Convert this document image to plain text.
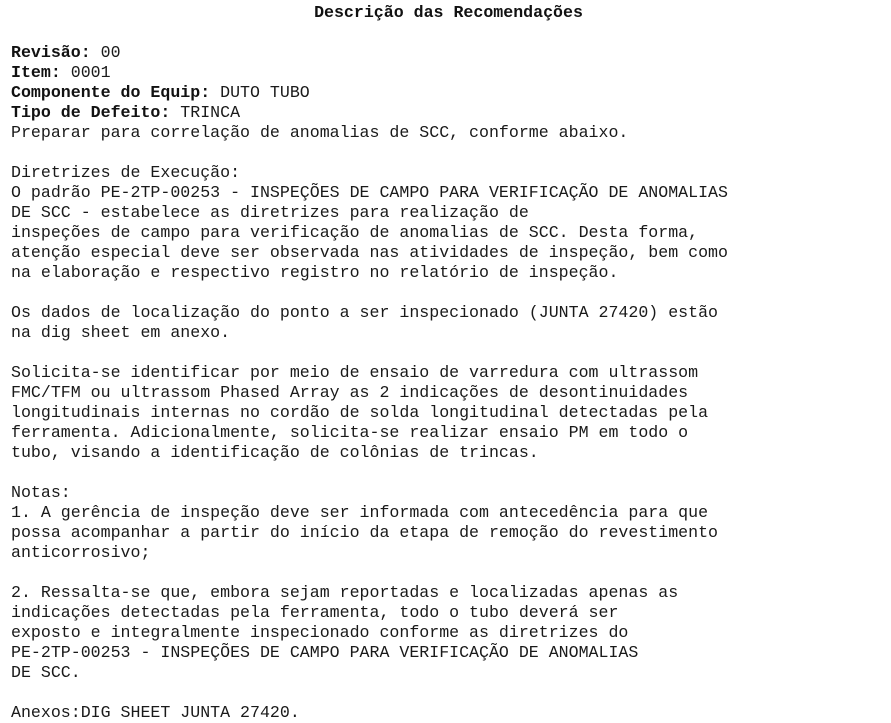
Descrição das Recomendações
Revisão: 00
Item: 0001
Componente do Equip: DUTO TUBO
Tipo de Defeito: TRINCA
Preparar para correlação de anomalias de SCC, conforme abaixo.
Diretrizes de Execução:
O padrão PE-2TP-00253 - INSPEÇÕES DE CAMPO PARA VERIFICAÇÃO DE ANOMALIAS
DE SCC - estabelece as diretrizes para realização de
inspeções de campo para verificação de anomalias de SCC. Desta forma,
atenção especial deve ser observada nas atividades de inspeção, bem como
na elaboração e respectivo registro no relatório de inspeção.
Os dados de localização do ponto a ser inspecionado (JUNTA 27420) estão
na dig sheet em anexo.
Solicita-se identificar por meio de ensaio de varredura com ultrassom
FMC/TFM ou ultrassom Phased Array as 2 indicações de desontinuidades
longitudinais internas no cordão de solda longitudinal detectadas pela
ferramenta. Adicionalmente, solicita-se realizar ensaio PM em todo o
tubo, visando a identificação de colônias de trincas.
Notas:
1. A gerência de inspeção deve ser informada com antecedência para que
possa acompanhar a partir do início da etapa de remoção do revestimento
anticorrosivo;
2. Ressalta-se que, embora sejam reportadas e localizadas apenas as
indicações detectadas pela ferramenta, todo o tubo deverá ser
exposto e integralmente inspecionado conforme as diretrizes do
PE-2TP-00253 - INSPEÇÕES DE CAMPO PARA VERIFICAÇÃO DE ANOMALIAS
DE SCC.
Anexos:DIG SHEET JUNTA 27420.
